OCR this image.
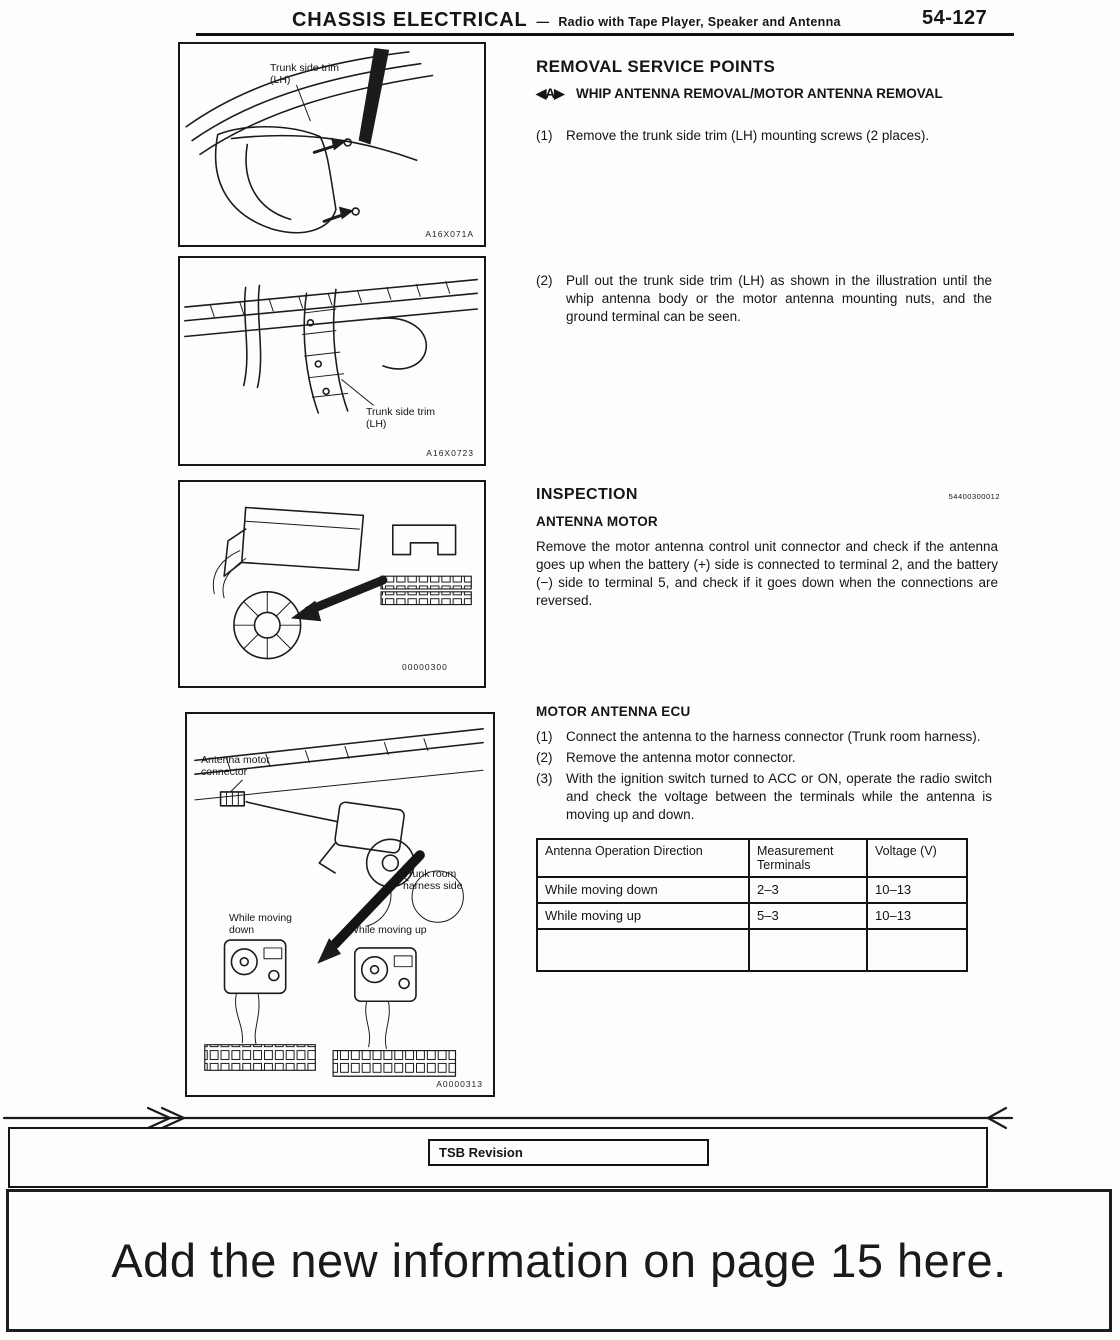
CHASSIS ELECTRICAL — Radio with Tape Player, Speaker and Antenna	54-127
Trunk side trim (LH)
A16X071A
Trunk side trim (LH)
A16X0723
00000300
Antenna motor connector
Trunk room harness side
While moving down	While moving up
A0000313
REMOVAL SERVICE POINTS
◀A▶ WHIP ANTENNA REMOVAL/MOTOR ANTENNA REMOVAL
(1)	Remove the trunk side trim (LH) mounting screws (2 places).
(2)	Pull out the trunk side trim (LH) as shown in the illustration until the whip antenna body or the motor antenna mounting nuts, and the ground terminal can be seen.
INSPECTION	54400300012
ANTENNA MOTOR
Remove the motor antenna control unit connector and check if the antenna goes up when the battery (+) side is connected to terminal 2, and the battery (−) side to terminal 5, and check if it goes down when the connections are reversed.
MOTOR ANTENNA ECU
(1)	Connect the antenna to the harness connector (Trunk room harness).
(2)	Remove the antenna motor connector.
(3)	With the ignition switch turned to ACC or ON, operate the radio switch and check the voltage between the terminals while the antenna is moving up and down.
Antenna Operation Direction	Measurement Terminals	Voltage (V)
While moving down	2–3	10–13
While moving up	5–3	10–13

TSB Revision
Add the new information on page 15 here.
